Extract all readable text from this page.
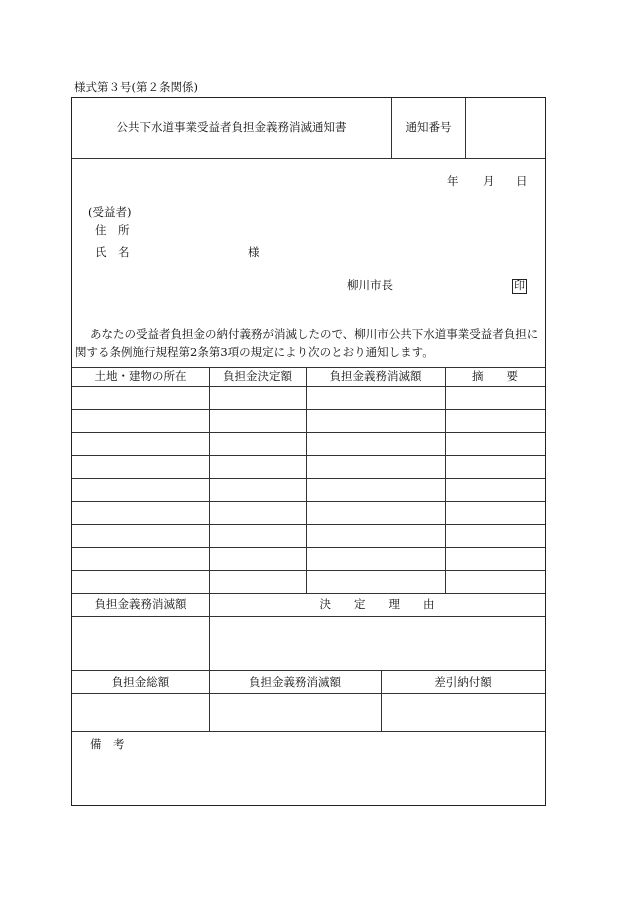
様式第３号(第２条関係)
公共下水道事業受益者負担金義務消滅通知書	通知番号
年 月 日
(受益者)
住　所
氏　名	様
柳川市長	印
あなたの受益者負担金の納付義務が消滅したので、柳川市公共下水道事業受益者負担に
関する条例施行規程第2条第3項の規定により次のとおり通知します。
土地・建物の所在	負担金決定額	負担金義務消滅額	摘　　要
負担金義務消滅額	決　　定　　理　　由
負担金総額	負担金義務消滅額	差引納付額
備　考
